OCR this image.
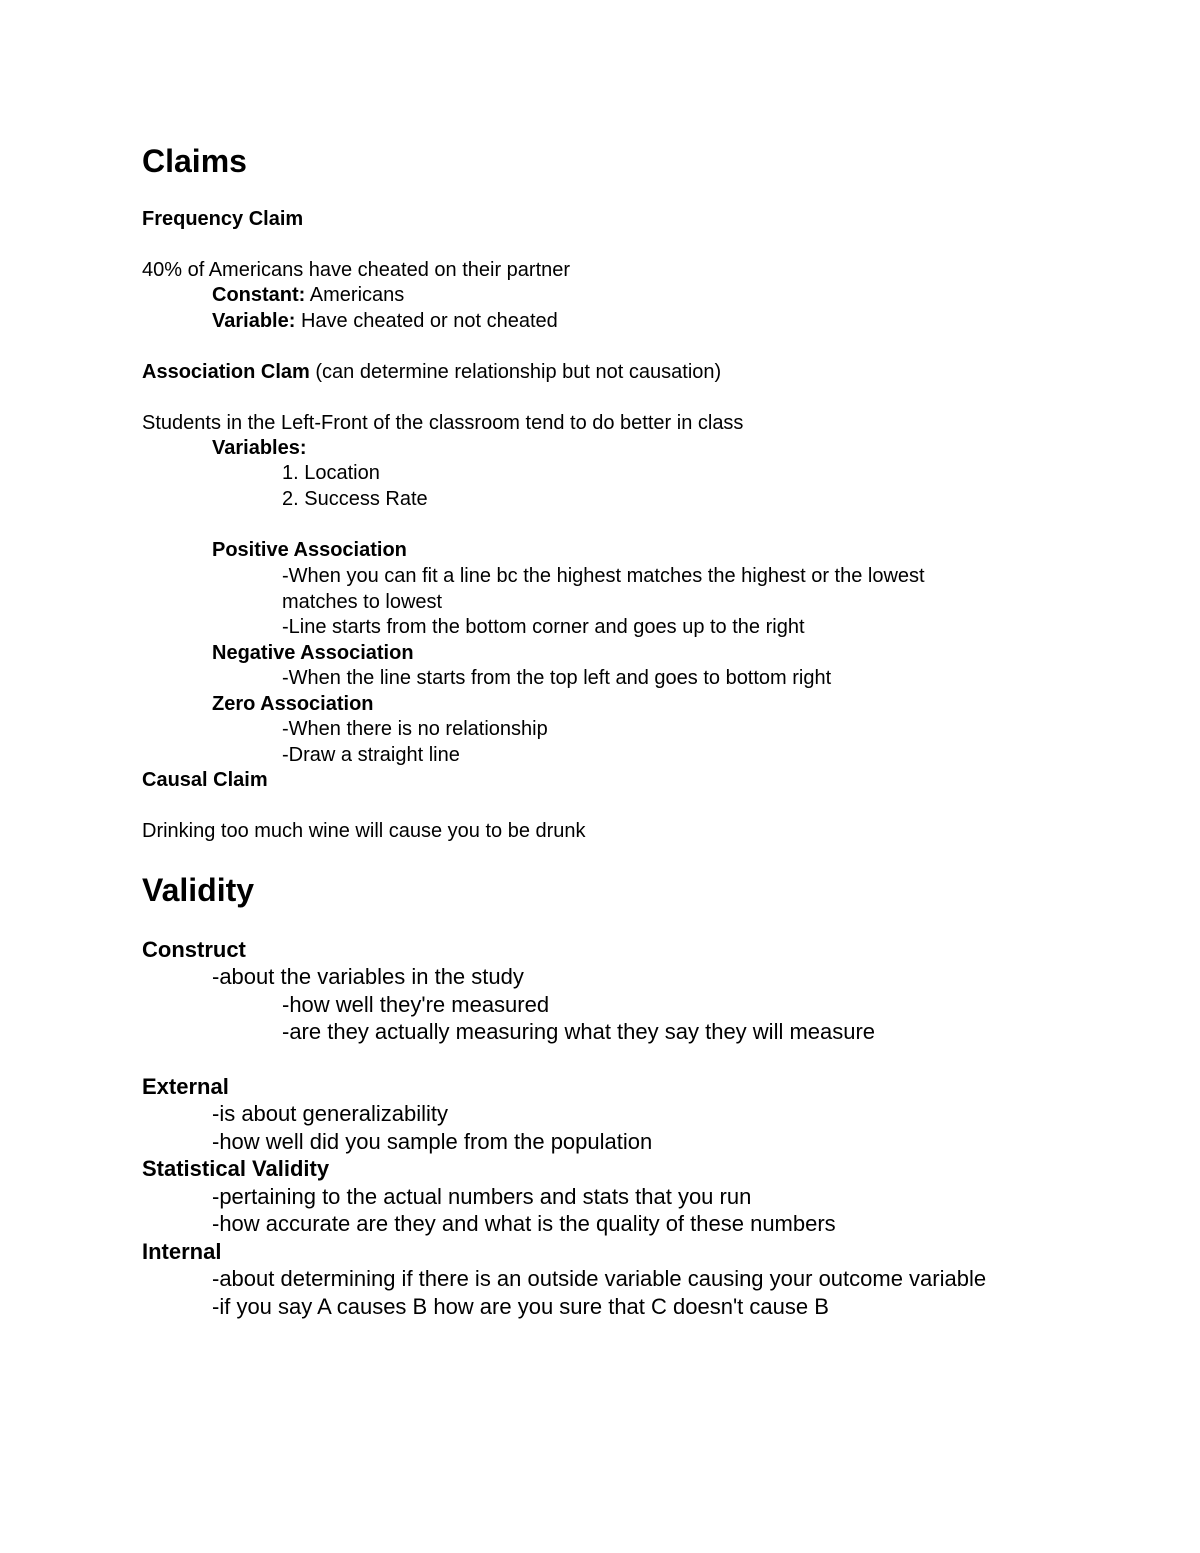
Claims
Frequency Claim
40% of Americans have cheated on their partner
Constant: Americans
Variable: Have cheated or not cheated
Association Clam (can determine relationship but not causation)
Students in the Left-Front of the classroom tend to do better in class
Variables:
1. Location
2. Success Rate
Positive Association
-When you can fit a line bc the highest matches the highest or the lowest
matches to lowest
-Line starts from the bottom corner and goes up to the right
Negative Association
-When the line starts from the top left and goes to bottom right
Zero Association
-When there is no relationship
-Draw a straight line
Causal Claim
Drinking too much wine will cause you to be drunk
Validity
Construct
-about the variables in the study
-how well they're measured
-are they actually measuring what they say they will measure
External
-is about generalizability
-how well did you sample from the population
Statistical Validity
-pertaining to the actual numbers and stats that you run
-how accurate are they and what is the quality of these numbers
Internal
-about determining if there is an outside variable causing your outcome variable
-if you say A causes B how are you sure that C doesn't cause B
